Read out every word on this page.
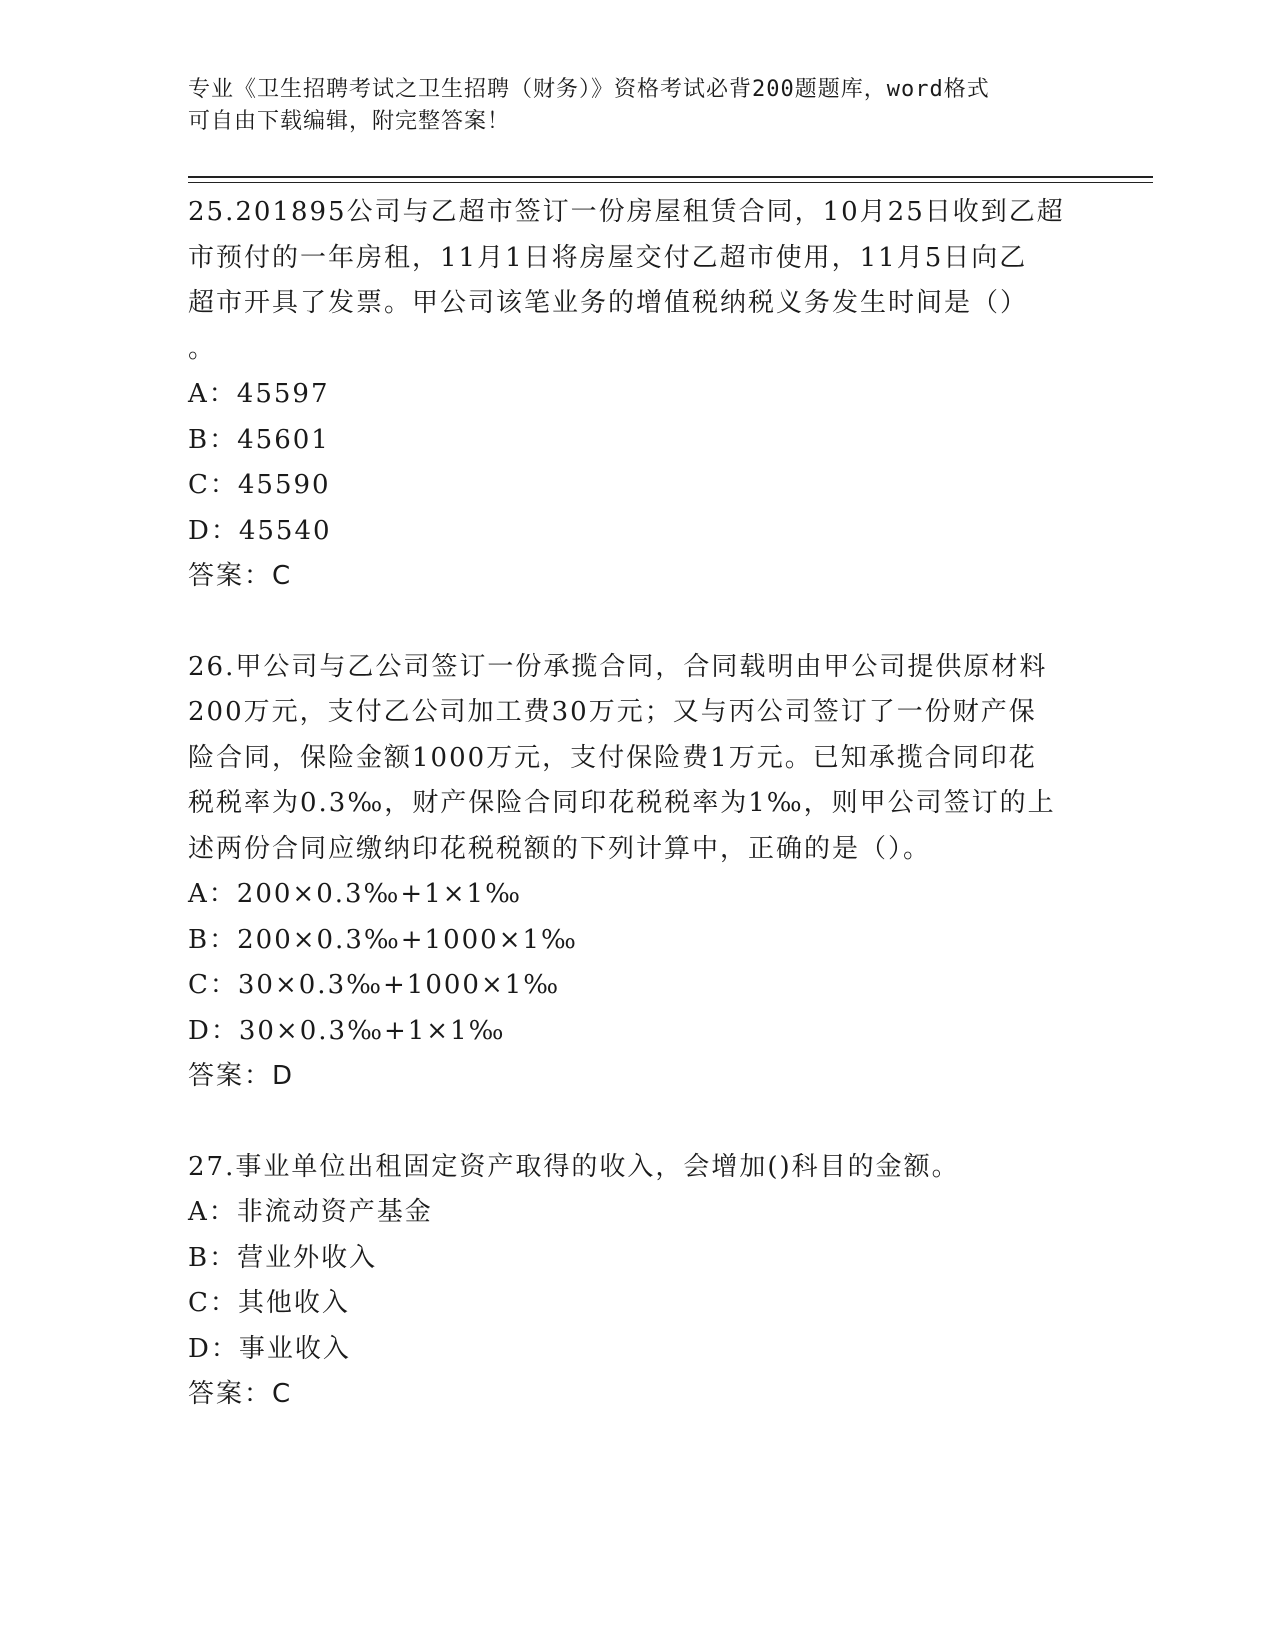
专业《卫生招聘考试之卫生招聘（财务）》资格考试必背200题题库，word格式
可自由下载编辑，附完整答案！
25.201895公司与乙超市签订一份房屋租赁合同，10月25日收到乙超
市预付的一年房租，11月1日将房屋交付乙超市使用，11月5日向乙
超市开具了发票。甲公司该笔业务的增值税纳税义务发生时间是（）
。
A：45597
B：45601
C：45590
D：45540
答案：C
26.甲公司与乙公司签订一份承揽合同，合同载明由甲公司提供原材料
200万元，支付乙公司加工费30万元；又与丙公司签订了一份财产保
险合同，保险金额1000万元，支付保险费1万元。已知承揽合同印花
税税率为0.3‰，财产保险合同印花税税率为1‰，则甲公司签订的上
述两份合同应缴纳印花税税额的下列计算中，正确的是（）。
A：200×0.3‰+1×1‰
B：200×0.3‰+1000×1‰
C：30×0.3‰+1000×1‰
D：30×0.3‰+1×1‰
答案：D
27.事业单位出租固定资产取得的收入，会增加()科目的金额。
A：非流动资产基金
B：营业外收入
C：其他收入
D：事业收入
答案：C
